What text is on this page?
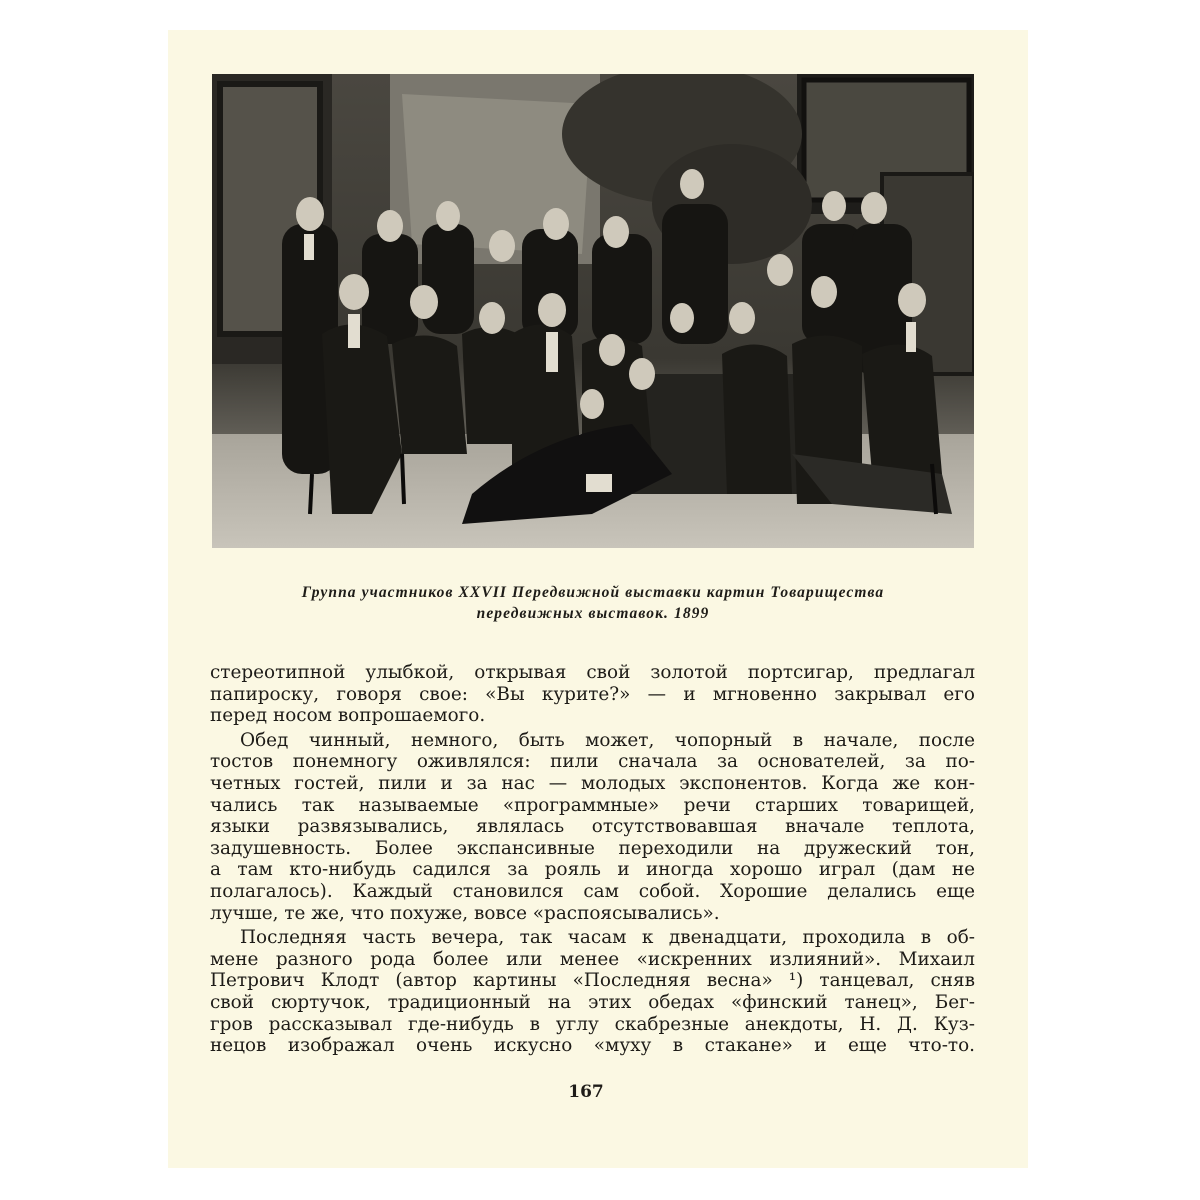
Группа участников XXVII Передвижной выставки картин Товарищества
передвижных выставок. 1899
стереотипной улыбкой, открывая свой золотой портсигар, предлагал
папироску, говоря свое: «Вы курите?» — и мгновенно закрывал его
перед носом вопрошаемого.
Обед чинный, немного, быть может, чопорный в начале, после
тостов понемногу оживлялся: пили сначала за основателей, за по-
четных гостей, пили и за нас — молодых экспонентов. Когда же кон-
чались так называемые «программные» речи старших товарищей,
языки развязывались, являлась отсутствовавшая вначале теплота,
задушевность. Более экспансивные переходили на дружеский тон,
а там кто-нибудь садился за рояль и иногда хорошо играл (дам не
полагалось). Каждый становился сам собой. Хорошие делались еще
лучше, те же, что похуже, вовсе «распоясывались».
Последняя часть вечера, так часам к двенадцати, проходила в об-
мене разного рода более или менее «искренних излияний». Михаил
Петрович Клодт (автор картины «Последняя весна» ¹) танцевал, сняв
свой сюртучок, традиционный на этих обедах «финский танец», Бег-
гров рассказывал где-нибудь в углу скабрезные анекдоты, Н. Д. Куз-
нецов изображал очень искусно «муху в стакане» и еще что-то.
167
